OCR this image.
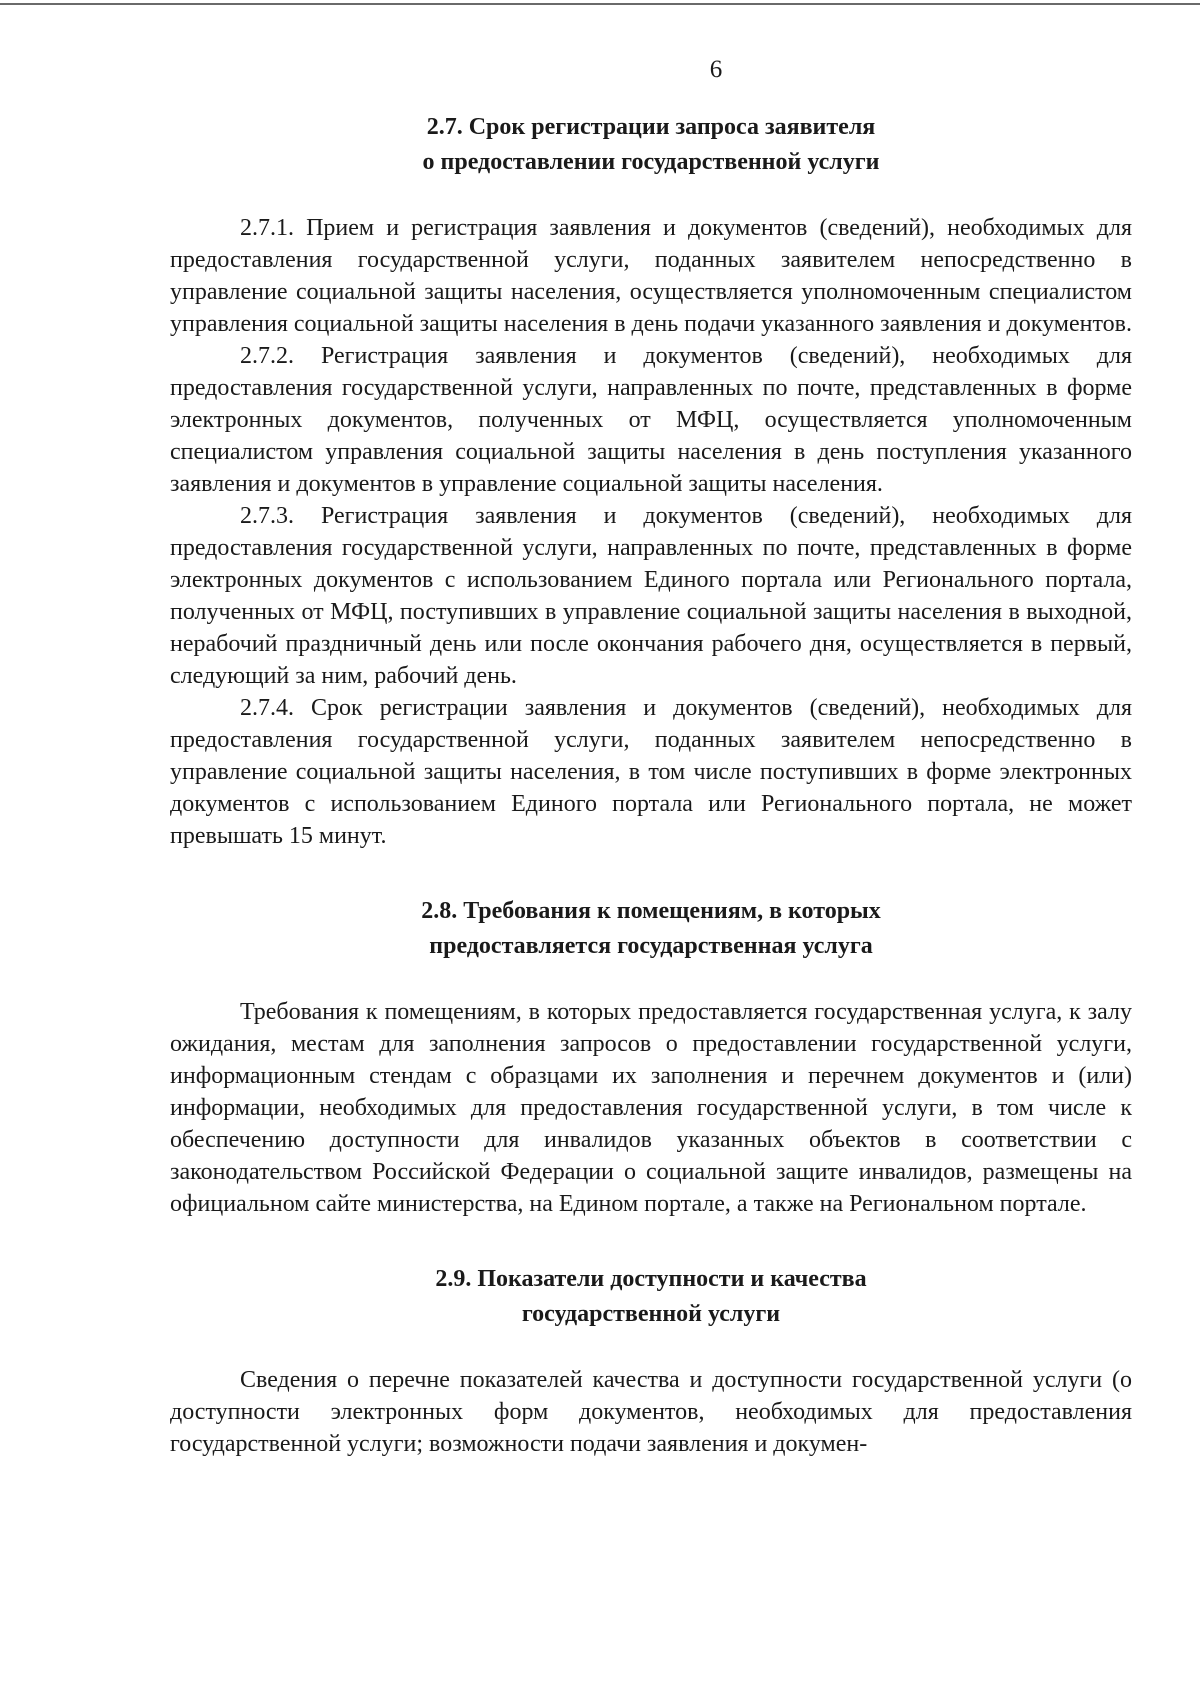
6
2.7. Срок регистрации запроса заявителя
о предоставлении государственной услуги

2.7.1. Прием и регистрация заявления и документов (сведений), необходимых для предоставления государственной услуги, поданных заявителем непосредственно в управление социальной защиты населения, осуществляется уполномоченным специалистом управления социальной защиты населения в день подачи указанного заявления и документов.

2.7.2. Регистрация заявления и документов (сведений), необходимых для предоставления государственной услуги, направленных по почте, представленных в форме электронных документов, полученных от МФЦ, осуществляется уполномоченным специалистом управления социальной защиты населения в день поступления указанного заявления и документов в управление социальной защиты населения.

2.7.3. Регистрация заявления и документов (сведений), необходимых для предоставления государственной услуги, направленных по почте, представленных в форме электронных документов с использованием Единого портала или Регионального портала, полученных от МФЦ, поступивших в управление социальной защиты населения в выходной, нерабочий праздничный день или после окончания рабочего дня, осуществляется в первый, следующий за ним, рабочий день.

2.7.4. Срок регистрации заявления и документов (сведений), необходимых для предоставления государственной услуги, поданных заявителем непосредственно в управление социальной защиты населения, в том числе поступивших в форме электронных документов с использованием Единого портала или Регионального портала, не может превышать 15 минут.

2.8. Требования к помещениям, в которых
предоставляется государственная услуга

Требования к помещениям, в которых предоставляется государственная услуга, к залу ожидания, местам для заполнения запросов о предоставлении государственной услуги, информационным стендам с образцами их заполнения и перечнем документов и (или) информации, необходимых для предоставления государственной услуги, в том числе к обеспечению доступности для инвалидов указанных объектов в соответствии с законодательством Российской Федерации о социальной защите инвалидов, размещены на официальном сайте министерства, на Едином портале, а также на Региональном портале.

2.9. Показатели доступности и качества
государственной услуги

Сведения о перечне показателей качества и доступности государственной услуги (о доступности электронных форм документов, необходимых для предоставления государственной услуги; возможности подачи заявления и докумен-
